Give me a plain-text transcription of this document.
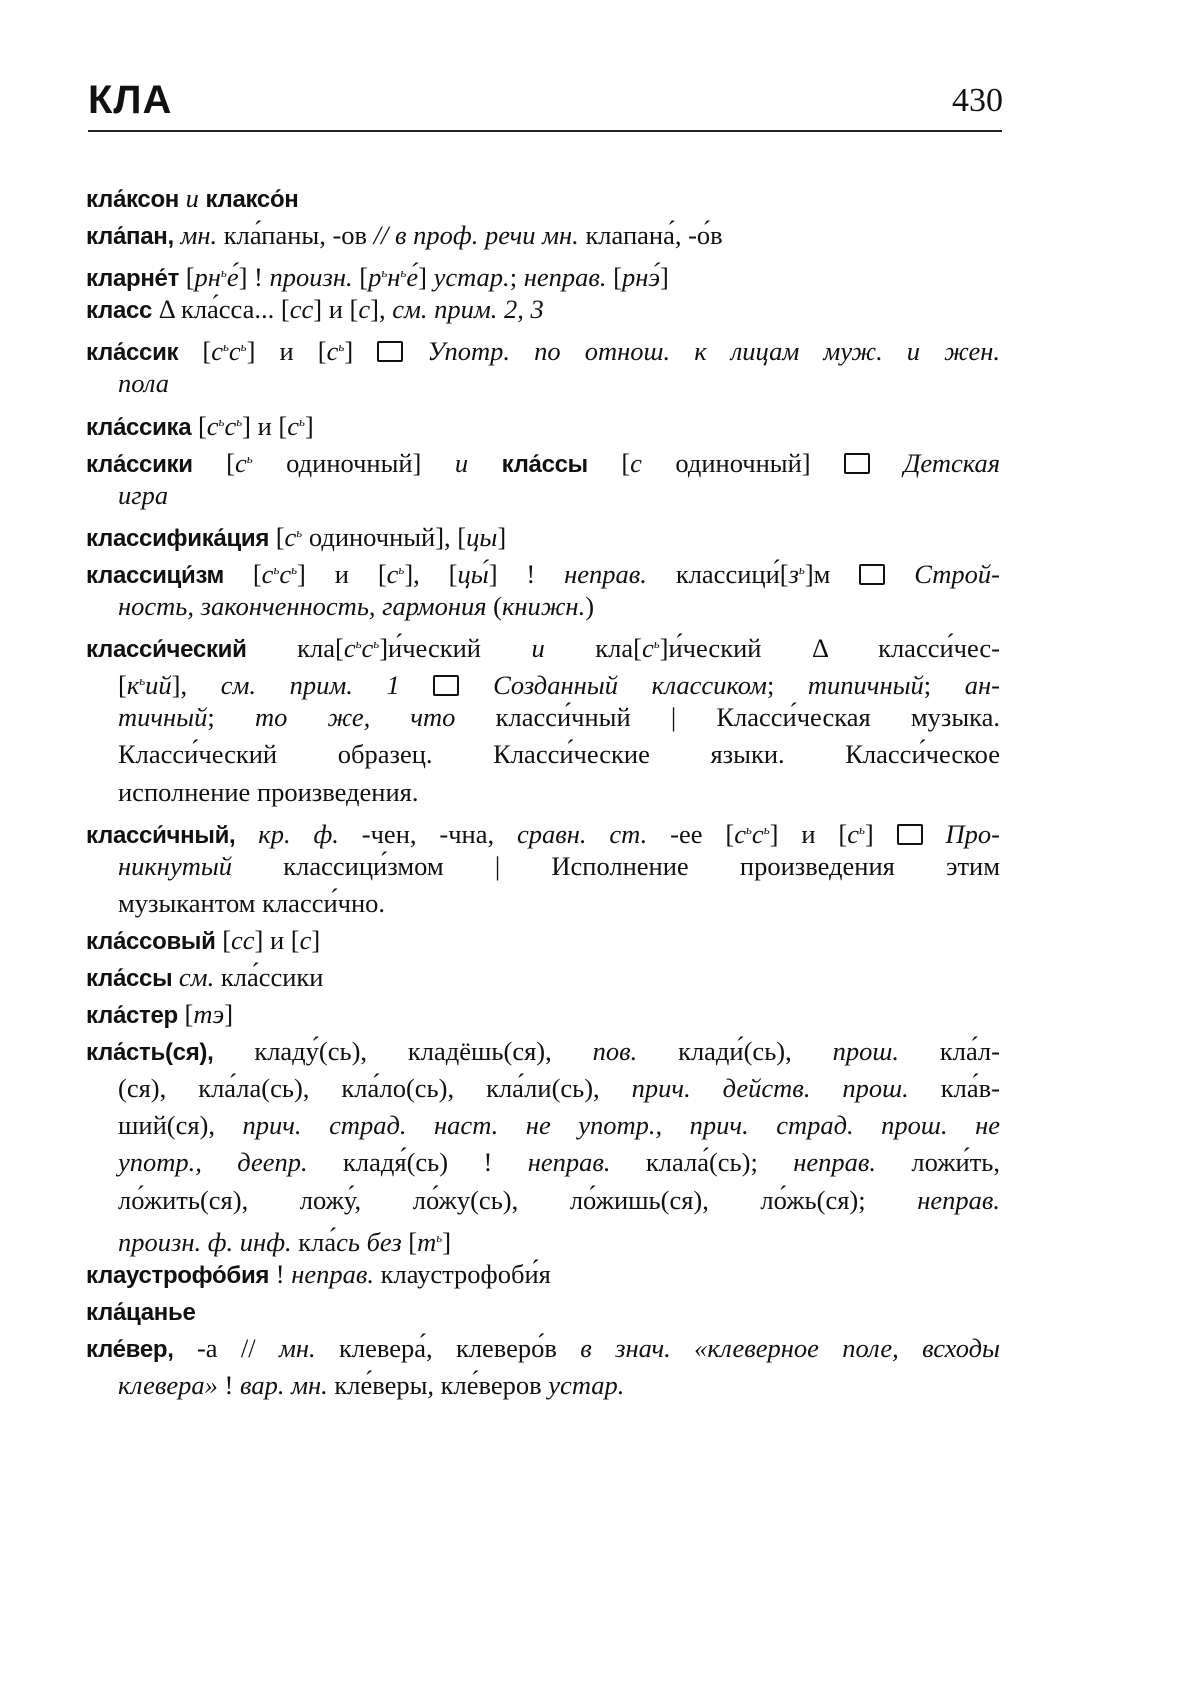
КЛА	430
кла́ксон и клаксо́н
кла́пан, мн. кла́паны, -ов // в проф. речи мн. клапана́, -о́в
кларне́т $[рн^ье́]$ ! произн. $[р^ьн^ье́]$ устар.; неправ. [рнэ́]
класс Δ кла́сса... [сс] и [с], см. прим. 2, 3
кла́ссик $[с^ьс^ь]$ и $[с^ь]$  Употр. по отнош. к лицам муж. и жен.
пола
кла́ссика $[с^ьс^ь]$ и $[с^ь]$
кла́ссики [$с^ь$ одиночный] и кла́ссы [с одиночный]  Детская
игра
классифика́ция [$с^ь$ одиночный], [цы]
классици́зм $[с^ьс^ь]$ и $[с^ь]$, [цы́] ! неправ. $классици́[з^ь]м$  Строй-
ность, законченность, гармония (книжн.)
класси́ческий $кла[с^ьс^ь]и́ческий$ и $кла[с^ь]и́ческий$ Δ класси́чес-
$[к^ьий]$, см. прим. 1	Созданный классиком; типичный; ан-
тичный; то же, что класси́чный | Класси́ческая музыка.
Класси́ческий образец. Класси́ческие языки. Класси́ческое
исполнение произведения.
класси́чный, кр. ф. -чен, -чна, сравн. ст. -ее $[с^ьс^ь]$ и $[с^ь]$  Про-
никнутый классици́змом | Исполнение произведения этим
музыкантом класси́чно.
кла́ссовый [сс] и [с]
кла́ссы см. кла́ссики
кла́стер [тэ]
кла́сть(ся), кладу́(сь), кладёшь(ся), пов. клади́(сь), прош. кла́л-
(ся), кла́ла(сь), кла́ло(сь), кла́ли(сь), прич. действ. прош. кла́в-
ший(ся), прич. страд. наст. не употр., прич. страд. прош. не
употр., деепр. кладя́(сь) ! неправ. клала́(сь); неправ. ложи́ть,
ло́жить(ся), ложу́, ло́жу(сь), ло́жишь(ся), ло́жь(ся); неправ.
произн. ф. инф. кла́сь без $[т^ь]$
клаустрофо́бия ! неправ. клаустрофоби́я
кла́цанье
кле́вер, -а // мн. клевера́, клеверо́в в знач. «клеверное поле, всходы
клевера» ! вар. мн. кле́веры, кле́веров устар.
